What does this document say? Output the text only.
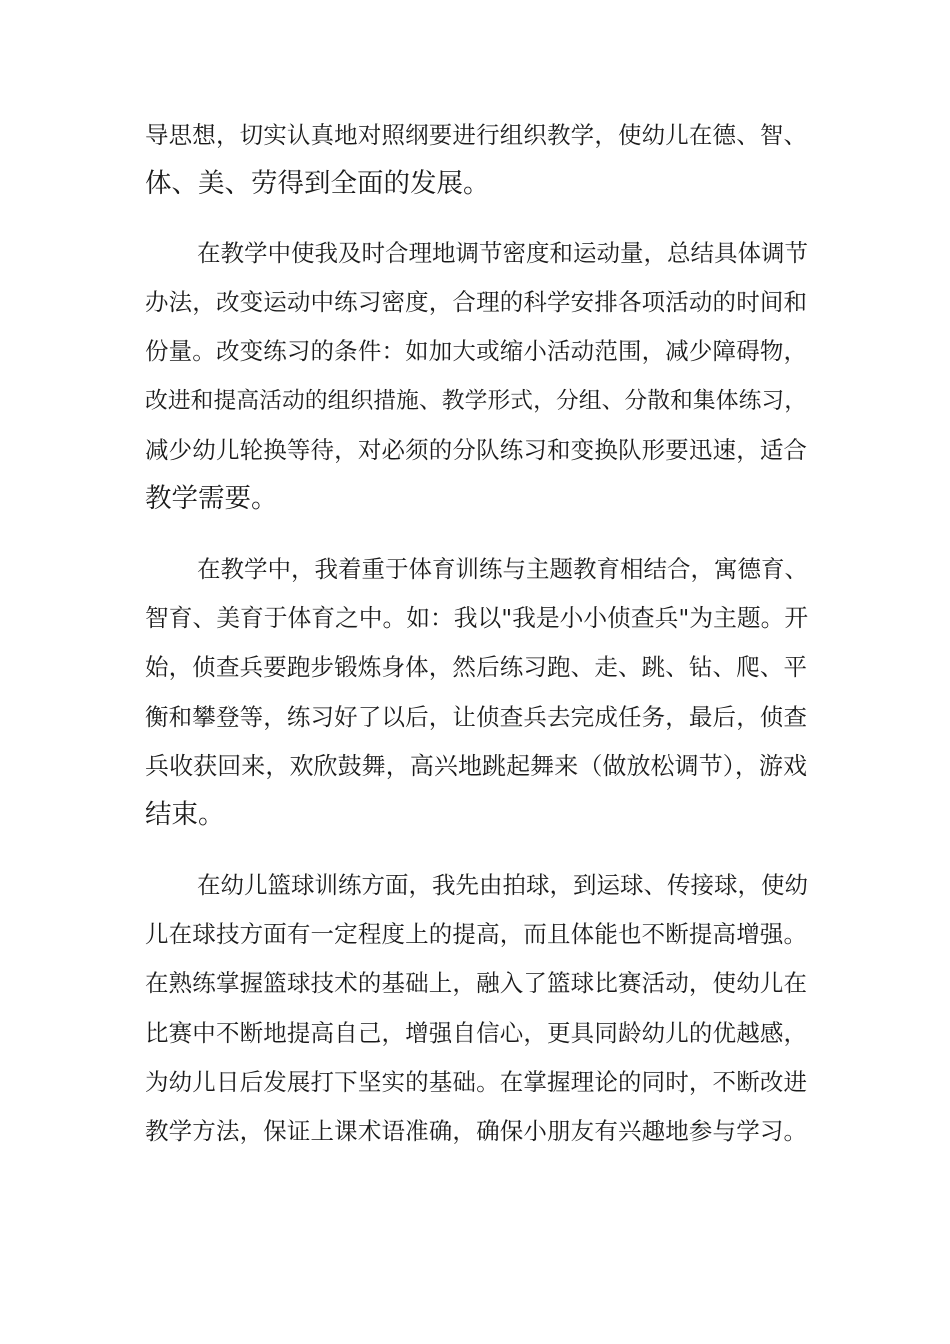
导思想，切实认真地对照纲要进行组织教学，使幼儿在德、智、
体、美、劳得到全面的发展。
在教学中使我及时合理地调节密度和运动量，总结具体调节
办法，改变运动中练习密度，合理的科学安排各项活动的时间和
份量。改变练习的条件：如加大或缩小活动范围，减少障碍物，
改进和提高活动的组织措施、教学形式，分组、分散和集体练习，
减少幼儿轮换等待，对必须的分队练习和变换队形要迅速，适合
教学需要。
在教学中，我着重于体育训练与主题教育相结合，寓德育、
智育、美育于体育之中。如：我以"我是小小侦查兵"为主题。开
始，侦查兵要跑步锻炼身体，然后练习跑、走、跳、钻、爬、平
衡和攀登等，练习好了以后，让侦查兵去完成任务，最后，侦查
兵收获回来，欢欣鼓舞，高兴地跳起舞来（做放松调节），游戏
结束。
在幼儿篮球训练方面，我先由拍球，到运球、传接球，使幼
儿在球技方面有一定程度上的提高，而且体能也不断提高增强。
在熟练掌握篮球技术的基础上，融入了篮球比赛活动，使幼儿在
比赛中不断地提高自己，增强自信心，更具同龄幼儿的优越感，
为幼儿日后发展打下坚实的基础。在掌握理论的同时，不断改进
教学方法，保证上课术语准确，确保小朋友有兴趣地参与学习。
